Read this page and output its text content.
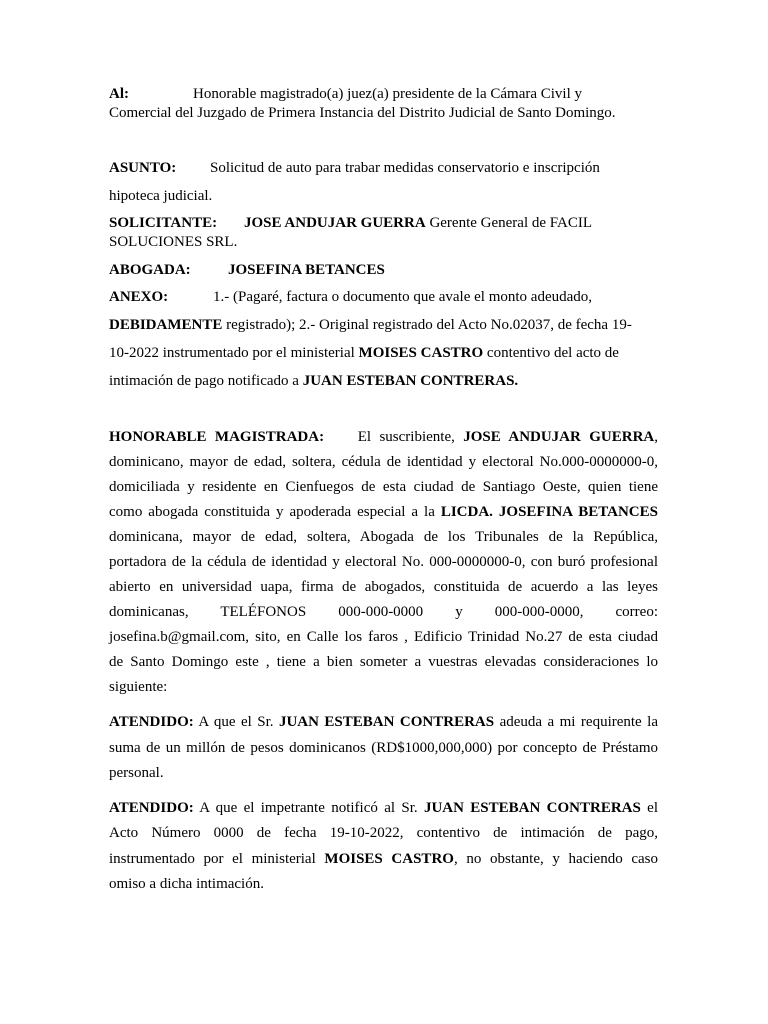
Al:	Honorable magistrado(a) juez(a) presidente de la Cámara Civil y
Comercial del Juzgado de Primera Instancia del Distrito Judicial de Santo Domingo.
ASUNTO: Solicitud de auto para trabar medidas conservatorio e inscripción
hipoteca judicial.
SOLICITANTE: JOSE ANDUJAR GUERRA Gerente General de FACIL
SOLUCIONES SRL.
ABOGADA: JOSEFINA BETANCES
ANEXO:	1.- (Pagaré, factura o documento que avale el monto adeudado,
DEBIDAMENTE registrado); 2.- Original registrado del Acto No.02037, de fecha 19-
10-2022 instrumentado por el ministerial MOISES CASTRO contentivo del acto de
intimación de pago notificado a JUAN ESTEBAN CONTRERAS.
HONORABLE MAGISTRADA: El suscribiente, JOSE ANDUJAR GUERRA,
dominicano, mayor de edad, soltera, cédula de identidad y electoral No.000-0000000-0,
domiciliada y residente en Cienfuegos de esta ciudad de Santiago Oeste, quien tiene
como abogada constituida y apoderada especial a la LICDA. JOSEFINA BETANCES
dominicana, mayor de edad, soltera, Abogada de los Tribunales de la República,
portadora de la cédula de identidad y electoral No. 000-0000000-0, con buró profesional
abierto en universidad uapa, firma de abogados, constituida de acuerdo a las leyes
dominicanas, TELÉFONOS 000-000-0000 y 000-000-0000, correo:
josefina.b@gmail.com, sito, en Calle los faros , Edificio Trinidad No.27 de esta ciudad
de Santo Domingo este , tiene a bien someter a vuestras elevadas consideraciones lo
siguiente:
ATENDIDO: A que el Sr. JUAN ESTEBAN CONTRERAS adeuda a mi requirente la
suma de un millón de pesos dominicanos (RD$1000,000,000) por concepto de Préstamo
personal.
ATENDIDO: A que el impetrante notificó al Sr. JUAN ESTEBAN CONTRERAS el
Acto Número 0000 de fecha 19-10-2022, contentivo de intimación de pago,
instrumentado por el ministerial MOISES CASTRO, no obstante, y haciendo caso
omiso a dicha intimación.
